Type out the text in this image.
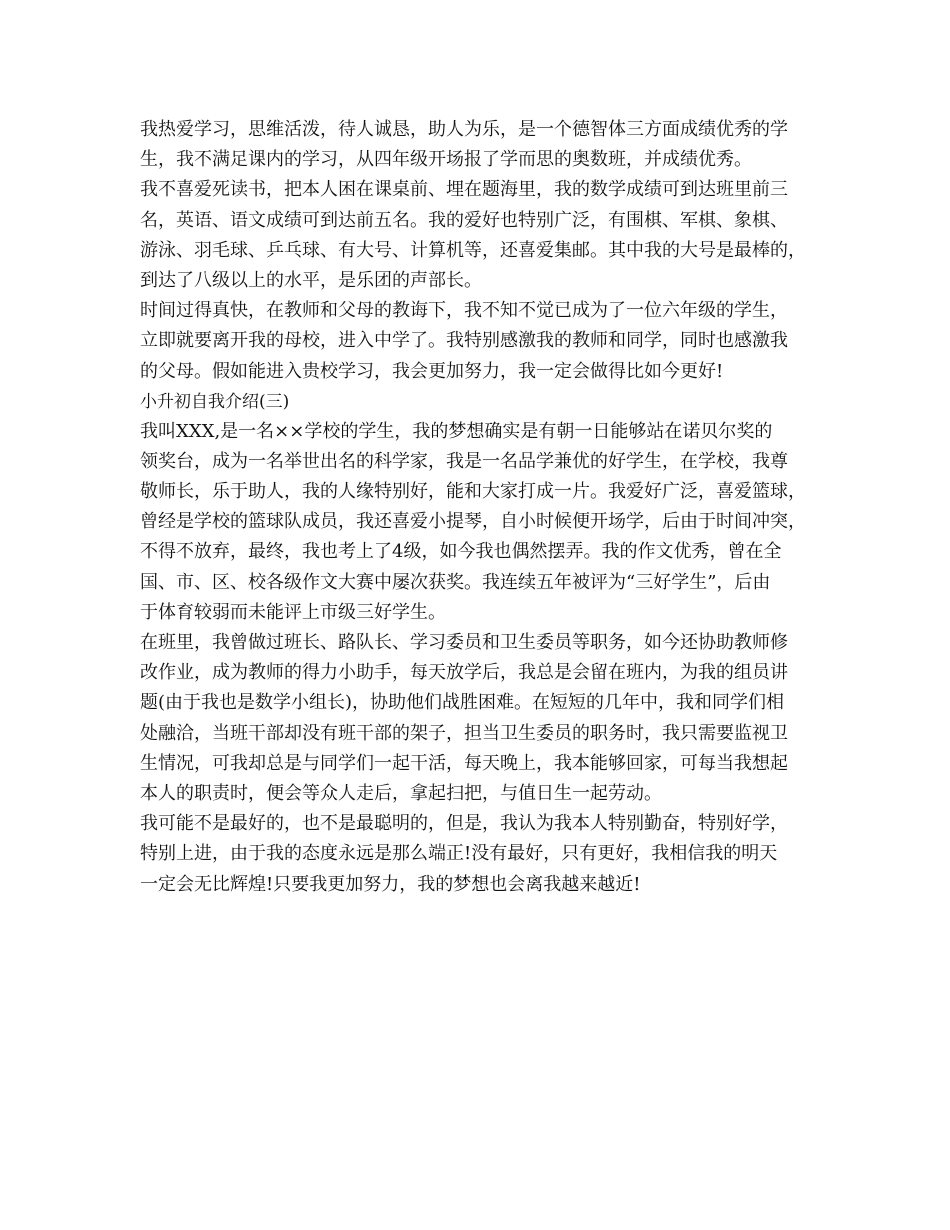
我热爱学习，思维活泼，待人诚恳，助人为乐，是一个德智体三方面成绩优秀的学

生，我不满足课内的学习，从四年级开场报了学而思的奥数班，并成绩优秀。

我不喜爱死读书，把本人困在课桌前、埋在题海里，我的数学成绩可到达班里前三

名，英语、语文成绩可到达前五名。我的爱好也特别广泛，有围棋、军棋、象棋、

游泳、羽毛球、乒乓球、有大号、计算机等，还喜爱集邮。其中我的大号是最棒的，

到达了八级以上的水平，是乐团的声部长。

时间过得真快，在教师和父母的教诲下，我不知不觉已成为了一位六年级的学生，

立即就要离开我的母校，进入中学了。我特别感激我的教师和同学，同时也感激我

的父母。假如能进入贵校学习，我会更加努力，我一定会做得比如今更好!

小升初自我介绍(三)

我叫XXX,是一名××学校的学生，我的梦想确实是有朝一日能够站在诺贝尔奖的

领奖台，成为一名举世出名的科学家，我是一名品学兼优的好学生，在学校，我尊

敬师长，乐于助人，我的人缘特别好，能和大家打成一片。我爱好广泛，喜爱篮球，

曾经是学校的篮球队成员，我还喜爱小提琴，自小时候便开场学，后由于时间冲突，

不得不放弃，最终，我也考上了4级，如今我也偶然摆弄。我的作文优秀，曾在全

国、市、区、校各级作文大赛中屡次获奖。我连续五年被评为“三好学生”，后由

于体育较弱而未能评上市级三好学生。

在班里，我曾做过班长、路队长、学习委员和卫生委员等职务，如今还协助教师修

改作业，成为教师的得力小助手，每天放学后，我总是会留在班内，为我的组员讲

题(由于我也是数学小组长)，协助他们战胜困难。在短短的几年中，我和同学们相

处融洽，当班干部却没有班干部的架子，担当卫生委员的职务时，我只需要监视卫

生情况，可我却总是与同学们一起干活，每天晚上，我本能够回家，可每当我想起

本人的职责时，便会等众人走后，拿起扫把，与值日生一起劳动。

我可能不是最好的，也不是最聪明的，但是，我认为我本人特别勤奋，特别好学，

特别上进，由于我的态度永远是那么端正!没有最好，只有更好，我相信我的明天

一定会无比辉煌!只要我更加努力，我的梦想也会离我越来越近!
